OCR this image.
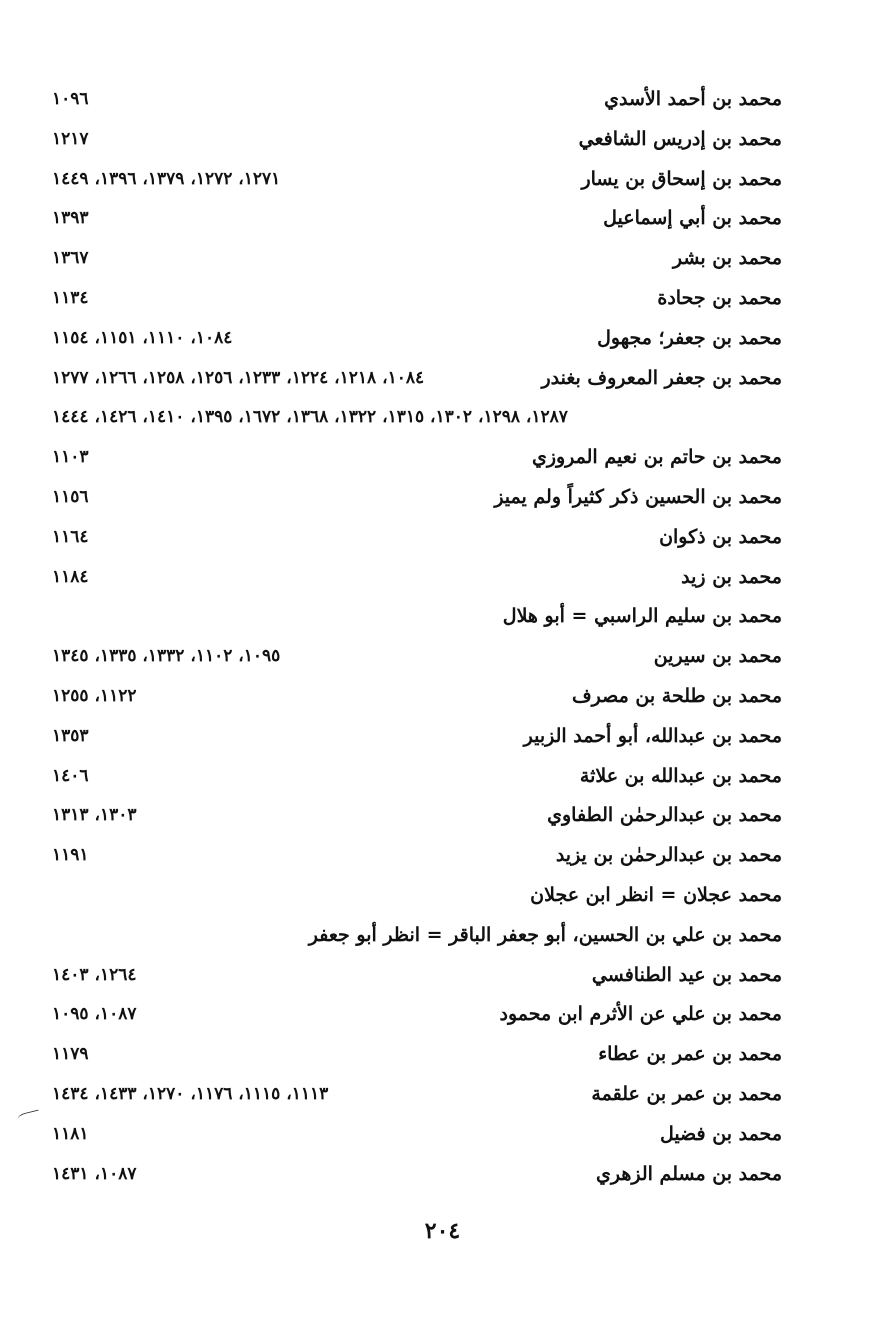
محمد بن أحمد الأسدي
١٠٩٦
محمد بن إدريس الشافعي
١٢١٧
محمد بن إسحاق بن يسار
١٢٧١، ١٢٧٢، ١٣٧٩، ١٣٩٦، ١٤٤٩
محمد بن أبي إسماعيل
١٣٩٣
محمد بن بشر
١٣٦٧
محمد بن جحادة
١١٣٤
محمد بن جعفر؛ مجهول
١٠٨٤، ١١١٠، ١١٥١، ١١٥٤
محمد بن جعفر المعروف بغندر
١٠٨٤، ١٢١٨، ١٢٢٤، ١٢٣٣، ١٢٥٦، ١٢٥٨، ١٢٦٦، ١٢٧٧
١٢٨٧، ١٢٩٨، ١٣٠٢، ١٣١٥، ١٣٢٢، ١٣٦٨، ١٦٧٢، ١٣٩٥، ١٤١٠، ١٤٢٦، ١٤٤٤
محمد بن حاتم بن نعيم المروزي
١١٠٣
محمد بن الحسين ذكر كثيراً ولم يميز
١١٥٦
محمد بن ذكوان
١١٦٤
محمد بن زيد
١١٨٤
محمد بن سليم الراسبي = أبو هلال
محمد بن سيرين
١٠٩٥، ١١٠٢، ١٣٣٢، ١٣٣٥، ١٣٤٥
محمد بن طلحة بن مصرف
١١٢٢، ١٢٥٥
محمد بن عبدالله، أبو أحمد الزبير
١٣٥٣
محمد بن عبدالله بن علاثة
١٤٠٦
محمد بن عبدالرحمٰن الطفاوي
١٣٠٣، ١٣١٣
محمد بن عبدالرحمٰن بن يزيد
١١٩١
محمد عجلان = انظر ابن عجلان
محمد بن علي بن الحسين، أبو جعفر الباقر = انظر أبو جعفر
محمد بن عيد الطنافسي
١٢٦٤، ١٤٠٣
محمد بن علي عن الأثرم ابن محمود
١٠٨٧، ١٠٩٥
محمد بن عمر بن عطاء
١١٧٩
محمد بن عمر بن علقمة
١١١٣، ١١١٥، ١١٧٦، ١٢٧٠، ١٤٣٣، ١٤٣٤
محمد بن فضيل
١١٨١
محمد بن مسلم الزهري
١٠٨٧، ١٤٣١
٢٠٤
